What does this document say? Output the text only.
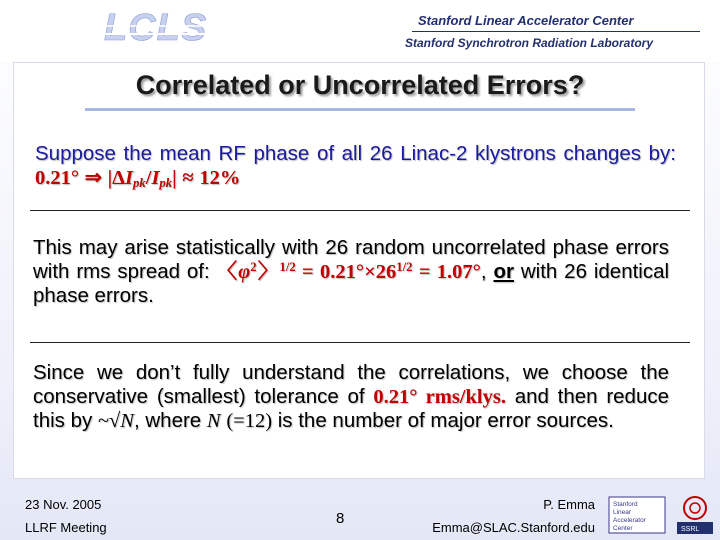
LCLS	Stanford Linear Accelerator Center
Stanford Synchrotron Radiation Laboratory
Correlated or Uncorrelated Errors?
Suppose the mean RF phase of all 26 Linac-2 klystrons changes by: 0.21° ⇒ $|\Delta I_{pk}/I_{pk}| \approx 12\%$
This may arise statistically with 26 random uncorrelated phase errors with rms spread of: 〈$\varphi^2$〉$^{1/2} = 0.21^\circ\times 26^{1/2} = 1.07^\circ$, or with 26 identical phase errors.
Since we don’t fully understand the correlations, we choose the conservative (smallest) tolerance of 0.21° rms/klys. and then reduce this by ~√N, where N (=12) is the number of major error sources.
23 Nov. 2005
LLRF Meeting
8
P. Emma
Emma@SLAC.Stanford.edu
Stanford
Linear
Accelerator
Center	SSRL
